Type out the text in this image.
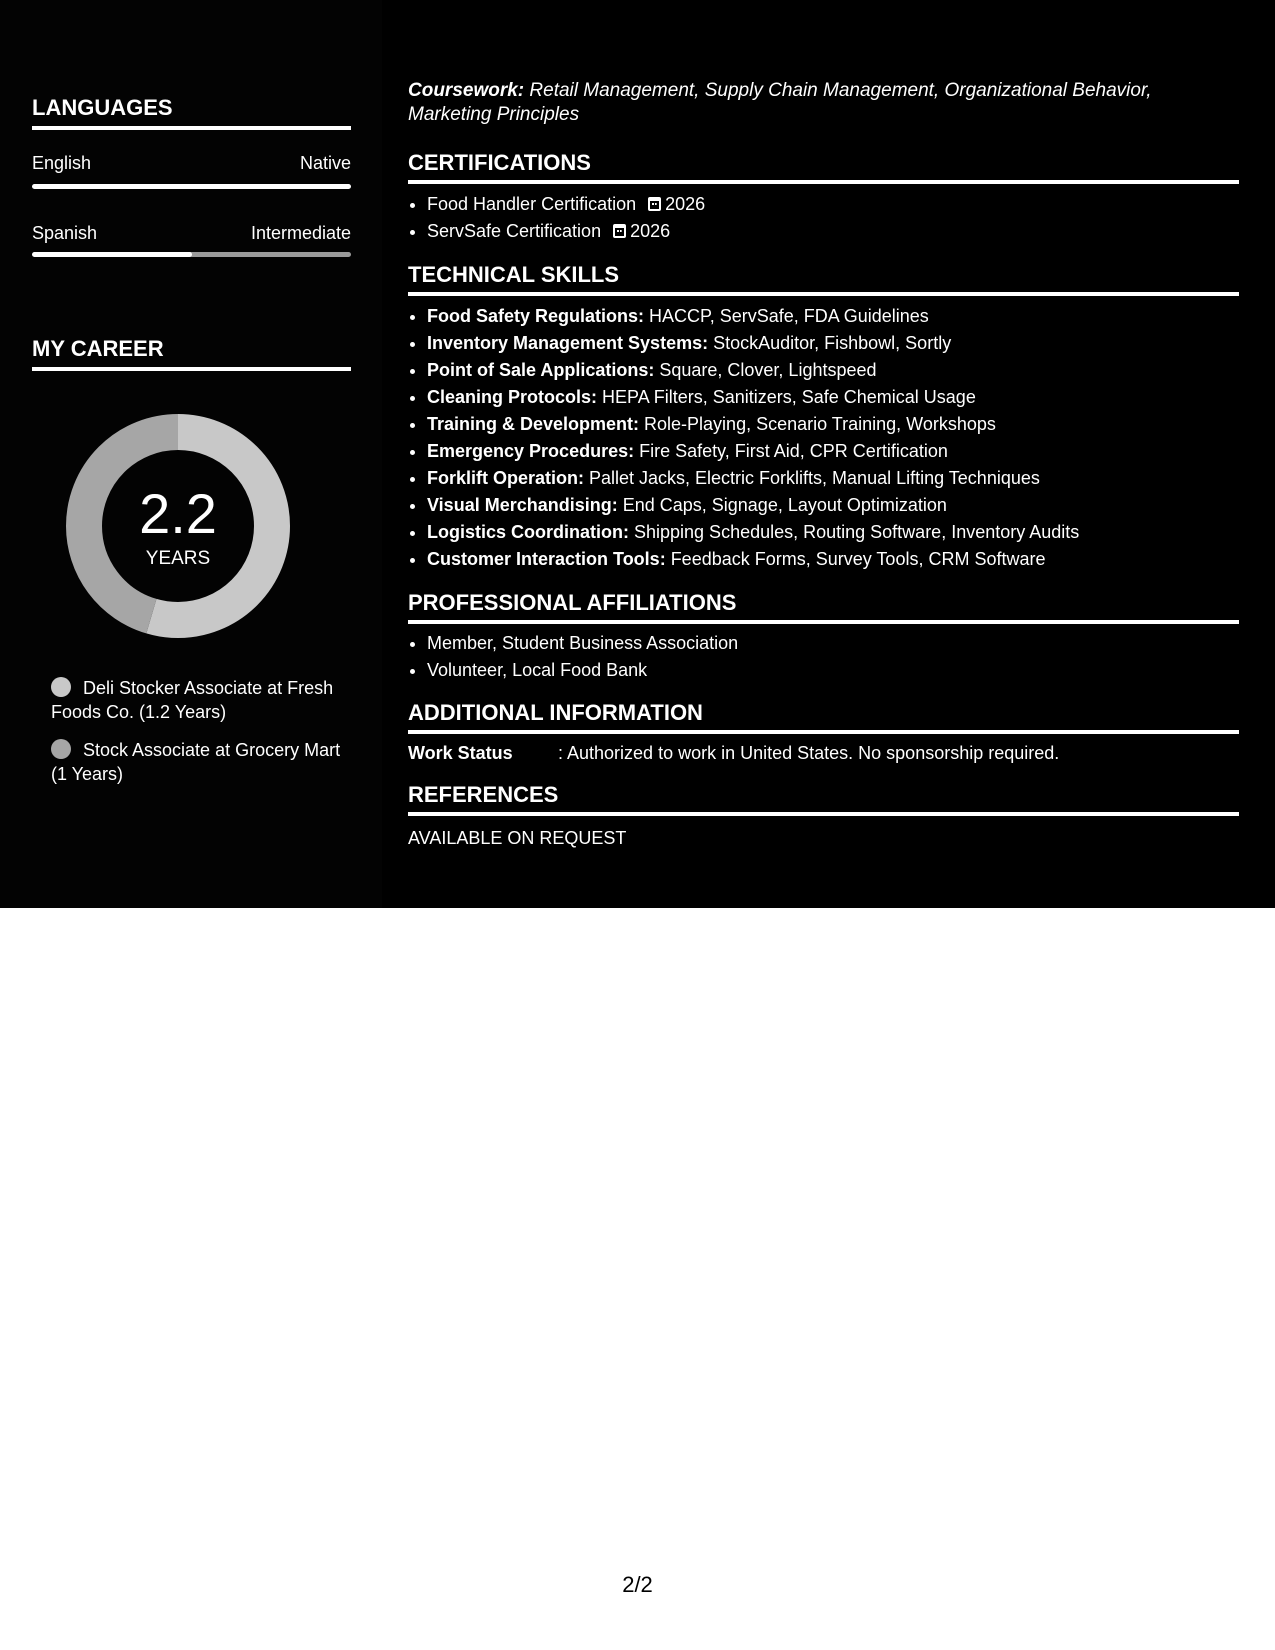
LANGUAGES
English	Native
Spanish	Intermediate
MY CAREER
2.2
YEARS
Deli Stocker Associate at Fresh Foods Co. (1.2 Years)
Stock Associate at Grocery Mart (1 Years)
Coursework: Retail Management, Supply Chain Management, Organizational Behavior, Marketing Principles
CERTIFICATIONS
• Food Handler Certification 2026
• ServSafe Certification 2026
TECHNICAL SKILLS
• Food Safety Regulations: HACCP, ServSafe, FDA Guidelines
• Inventory Management Systems: StockAuditor, Fishbowl, Sortly
• Point of Sale Applications: Square, Clover, Lightspeed
• Cleaning Protocols: HEPA Filters, Sanitizers, Safe Chemical Usage
• Training & Development: Role-Playing, Scenario Training, Workshops
• Emergency Procedures: Fire Safety, First Aid, CPR Certification
• Forklift Operation: Pallet Jacks, Electric Forklifts, Manual Lifting Techniques
• Visual Merchandising: End Caps, Signage, Layout Optimization
• Logistics Coordination: Shipping Schedules, Routing Software, Inventory Audits
• Customer Interaction Tools: Feedback Forms, Survey Tools, CRM Software
PROFESSIONAL AFFILIATIONS
• Member, Student Business Association
• Volunteer, Local Food Bank
ADDITIONAL INFORMATION
Work Status	: Authorized to work in United States. No sponsorship required.
REFERENCES
AVAILABLE ON REQUEST
2/2
